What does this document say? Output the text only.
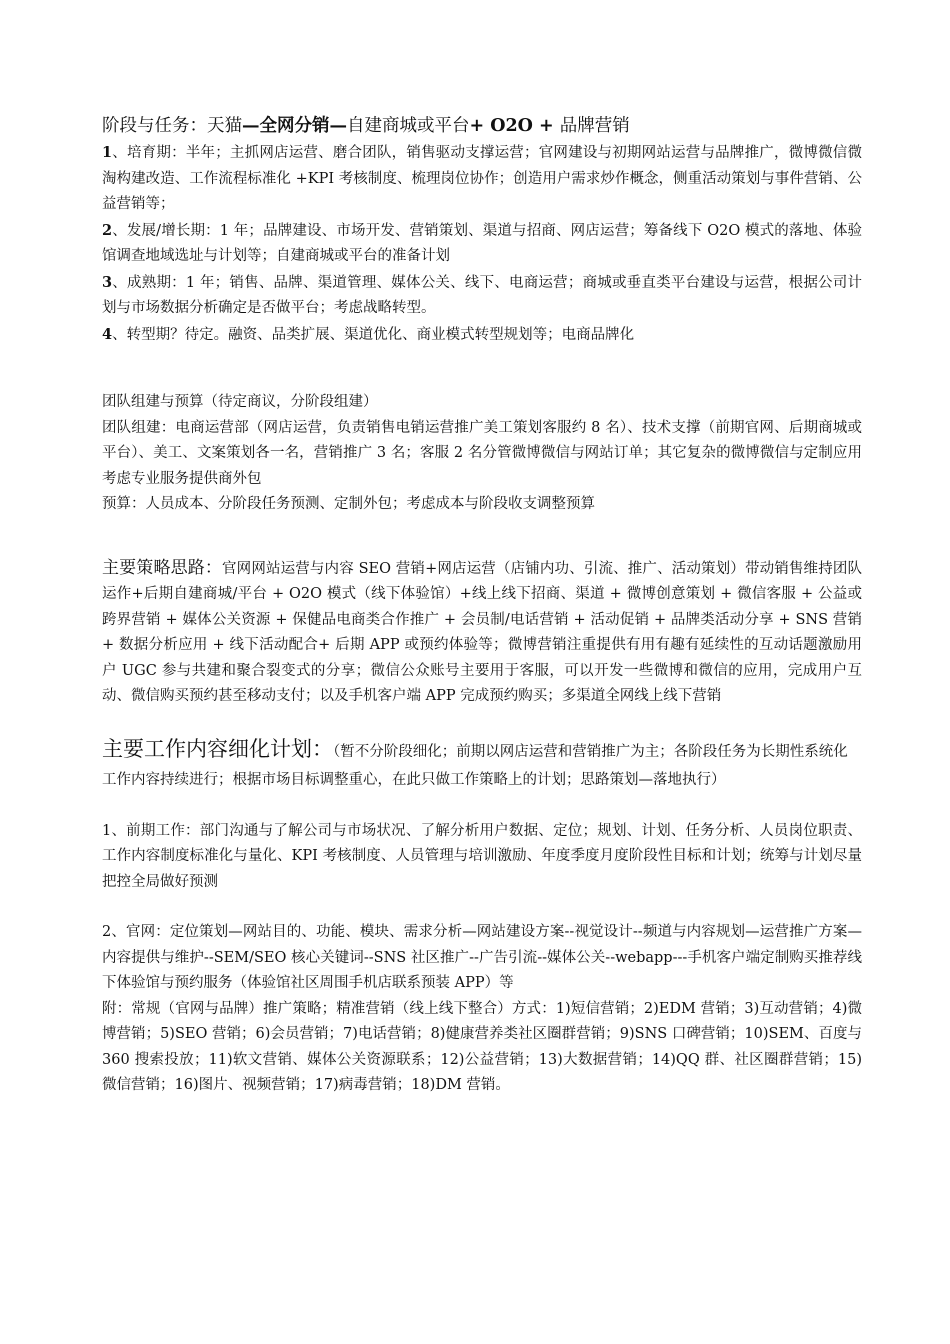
阶段与任务：天猫—全网分销—自建商城或平台+ O2O + 品牌营销

1、培育期：半年；主抓网店运营、磨合团队，销售驱动支撑运营；官网建设与初期网站运营与品牌推广，微博微信微淘构建改造、工作流程标准化 +KPI 考核制度、梳理岗位协作；创造用户需求炒作概念，侧重活动策划与事件营销、公益营销等；

2、发展/增长期：1 年；品牌建设、市场开发、营销策划、渠道与招商、网店运营；筹备线下 O2O 模式的落地、体验馆调查地域选址与计划等；自建商城或平台的准备计划

3、成熟期：1 年；销售、品牌、渠道管理、媒体公关、线下、电商运营；商城或垂直类平台建设与运营，根据公司计划与市场数据分析确定是否做平台；考虑战略转型。

4、转型期？待定。融资、品类扩展、渠道优化、商业模式转型规划等；电商品牌化

团队组建与预算（待定商议，分阶段组建）

团队组建：电商运营部（网店运营，负责销售电销运营推广美工策划客服约 8 名）、技术支撑（前期官网、后期商城或平台）、美工、文案策划各一名，营销推广 3 名；客服 2 名分管微博微信与网站订单；其它复杂的微博微信与定制应用考虑专业服务提供商外包

预算：人员成本、分阶段任务预测、定制外包；考虑成本与阶段收支调整预算

主要策略思路：官网网站运营与内容 SEO 营销+网店运营（店铺内功、引流、推广、活动策划）带动销售维持团队运作+后期自建商城/平台 + O2O 模式（线下体验馆）+线上线下招商、渠道 + 微博创意策划 + 微信客服 + 公益或跨界营销 + 媒体公关资源 + 保健品电商类合作推广 + 会员制/电话营销 + 活动促销 + 品牌类活动分享 + SNS 营销 + 数据分析应用 + 线下活动配合+ 后期 APP 或预约体验等；微博营销注重提供有用有趣有延续性的互动话题激励用户 UGC 参与共建和聚合裂变式的分享；微信公众账号主要用于客服，可以开发一些微博和微信的应用，完成用户互动、微信购买预约甚至移动支付；以及手机客户端 APP 完成预约购买；多渠道全网线上线下营销

主要工作内容细化计划：（暂不分阶段细化；前期以网店运营和营销推广为主；各阶段任务为长期性系统化工作内容持续进行；根据市场目标调整重心，在此只做工作策略上的计划；思路策划—落地执行）

1、前期工作：部门沟通与了解公司与市场状况、了解分析用户数据、定位；规划、计划、任务分析、人员岗位职责、工作内容制度标准化与量化、KPI 考核制度、人员管理与培训激励、年度季度月度阶段性目标和计划；统筹与计划尽量把控全局做好预测

2、官网：定位策划—网站目的、功能、模块、需求分析—网站建设方案--视觉设计--频道与内容规划—运营推广方案—内容提供与维护--SEM/SEO 核心关键词--SNS 社区推广--广告引流--媒体公关--webapp---手机客户端定制购买推荐线下体验馆与预约服务（体验馆社区周围手机店联系预装 APP）等

附：常规（官网与品牌）推广策略；精准营销（线上线下整合）方式：1)短信营销；2)EDM 营销；3)互动营销；4)微博营销；5)SEO 营销；6)会员营销；7)电话营销；8)健康营养类社区圈群营销；9)SNS 口碑营销；10)SEM、百度与 360 搜索投放；11)软文营销、媒体公关资源联系；12)公益营销；13)大数据营销；14)QQ 群、社区圈群营销；15)微信营销；16)图片、视频营销；17)病毒营销；18)DM 营销。
